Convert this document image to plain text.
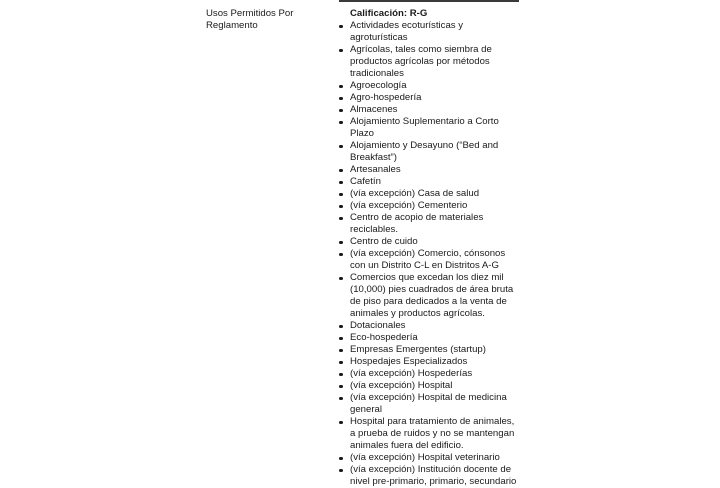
Usos Permitidos Por Reglamento

Calificación: R-G

Actividades ecoturísticas y agroturísticas
Agrícolas, tales como siembra de productos agrícolas por métodos tradicionales
Agroecología
Agro-hospedería
Almacenes
Alojamiento Suplementario a Corto Plazo
Alojamiento y Desayuno (“Bed and Breakfast”)
Artesanales
Cafetín
(vía excepción) Casa de salud
(vía excepción) Cementerio
Centro de acopio de materiales reciclables.
Centro de cuido
(vía excepción) Comercio, cónsonos con un Distrito C-L en Distritos A-G
Comercios que excedan los diez mil (10,000) pies cuadrados de área bruta de piso para dedicados a la venta de animales y productos agrícolas.
Dotacionales
Eco-hospedería
Empresas Emergentes (startup)
Hospedajes Especializados
(vía excepción) Hospederías
(vía excepción) Hospital
(vía excepción) Hospital de medicina general
Hospital para tratamiento de animales, a prueba de ruidos y no se mantengan animales fuera del edificio.
(vía excepción) Hospital veterinario
(vía excepción) Institución docente de nivel pre-primario, primario, secundario
